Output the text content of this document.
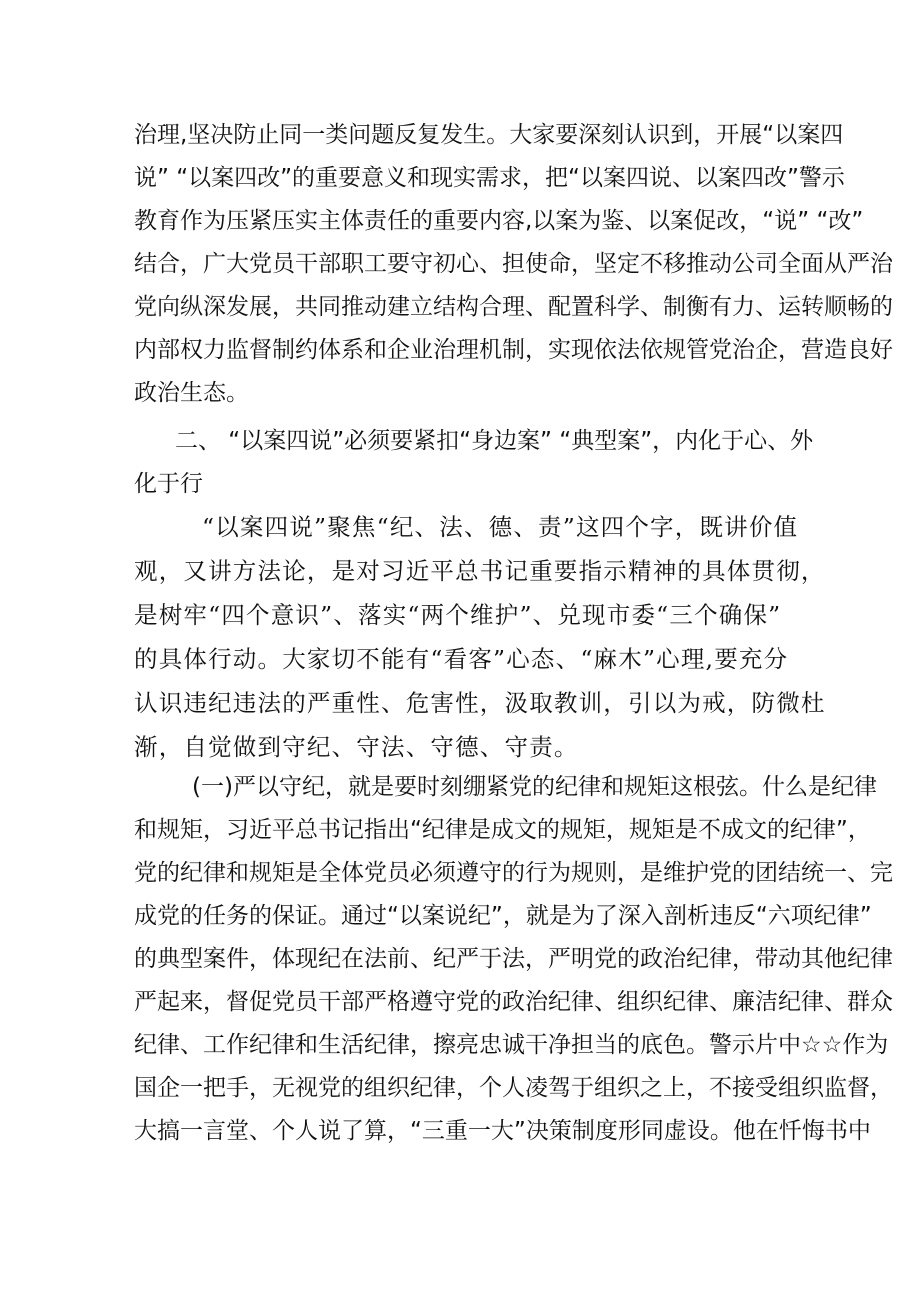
治理,坚决防止同一类问题反复发生。大家要深刻认识到，开展“以案四
说” “以案四改”的重要意义和现实需求，把“以案四说、以案四改”警示
教育作为压紧压实主体责任的重要内容,以案为鉴、以案促改，“说” “改”
结合，广大党员干部职工要守初心、担使命，坚定不移推动公司全面从严治
党向纵深发展，共同推动建立结构合理、配置科学、制衡有力、运转顺畅的
内部权力监督制约体系和企业治理机制，实现依法依规管党治企，营造良好
政治生态。
二、 “以案四说”必须要紧扣“身边案” “典型案”，内化于心、外
化于行
“以案四说”聚焦“纪、法、德、责”这四个字，既讲价值
观，又讲方法论，是对习近平总书记重要指示精神的具体贯彻，
是树牢“四个意识”、落实“两个维护”、兑现市委“三个确保”
的具体行动。大家切不能有“看客”心态、“麻木”心理,要充分
认识违纪违法的严重性、危害性，汲取教训，引以为戒，防微杜
渐，自觉做到守纪、守法、守德、守责。
(一)严以守纪，就是要时刻绷紧党的纪律和规矩这根弦。什么是纪律
和规矩，习近平总书记指出“纪律是成文的规矩，规矩是不成文的纪律”，
党的纪律和规矩是全体党员必须遵守的行为规则，是维护党的团结统一、完
成党的任务的保证。通过“以案说纪”，就是为了深入剖析违反“六项纪律”
的典型案件，体现纪在法前、纪严于法，严明党的政治纪律，带动其他纪律
严起来，督促党员干部严格遵守党的政治纪律、组织纪律、廉洁纪律、群众
纪律、工作纪律和生活纪律，擦亮忠诚干净担当的底色。警示片中☆☆作为
国企一把手，无视党的组织纪律，个人凌驾于组织之上，不接受组织监督，
大搞一言堂、个人说了算，“三重一大”决策制度形同虚设。他在忏悔书中
